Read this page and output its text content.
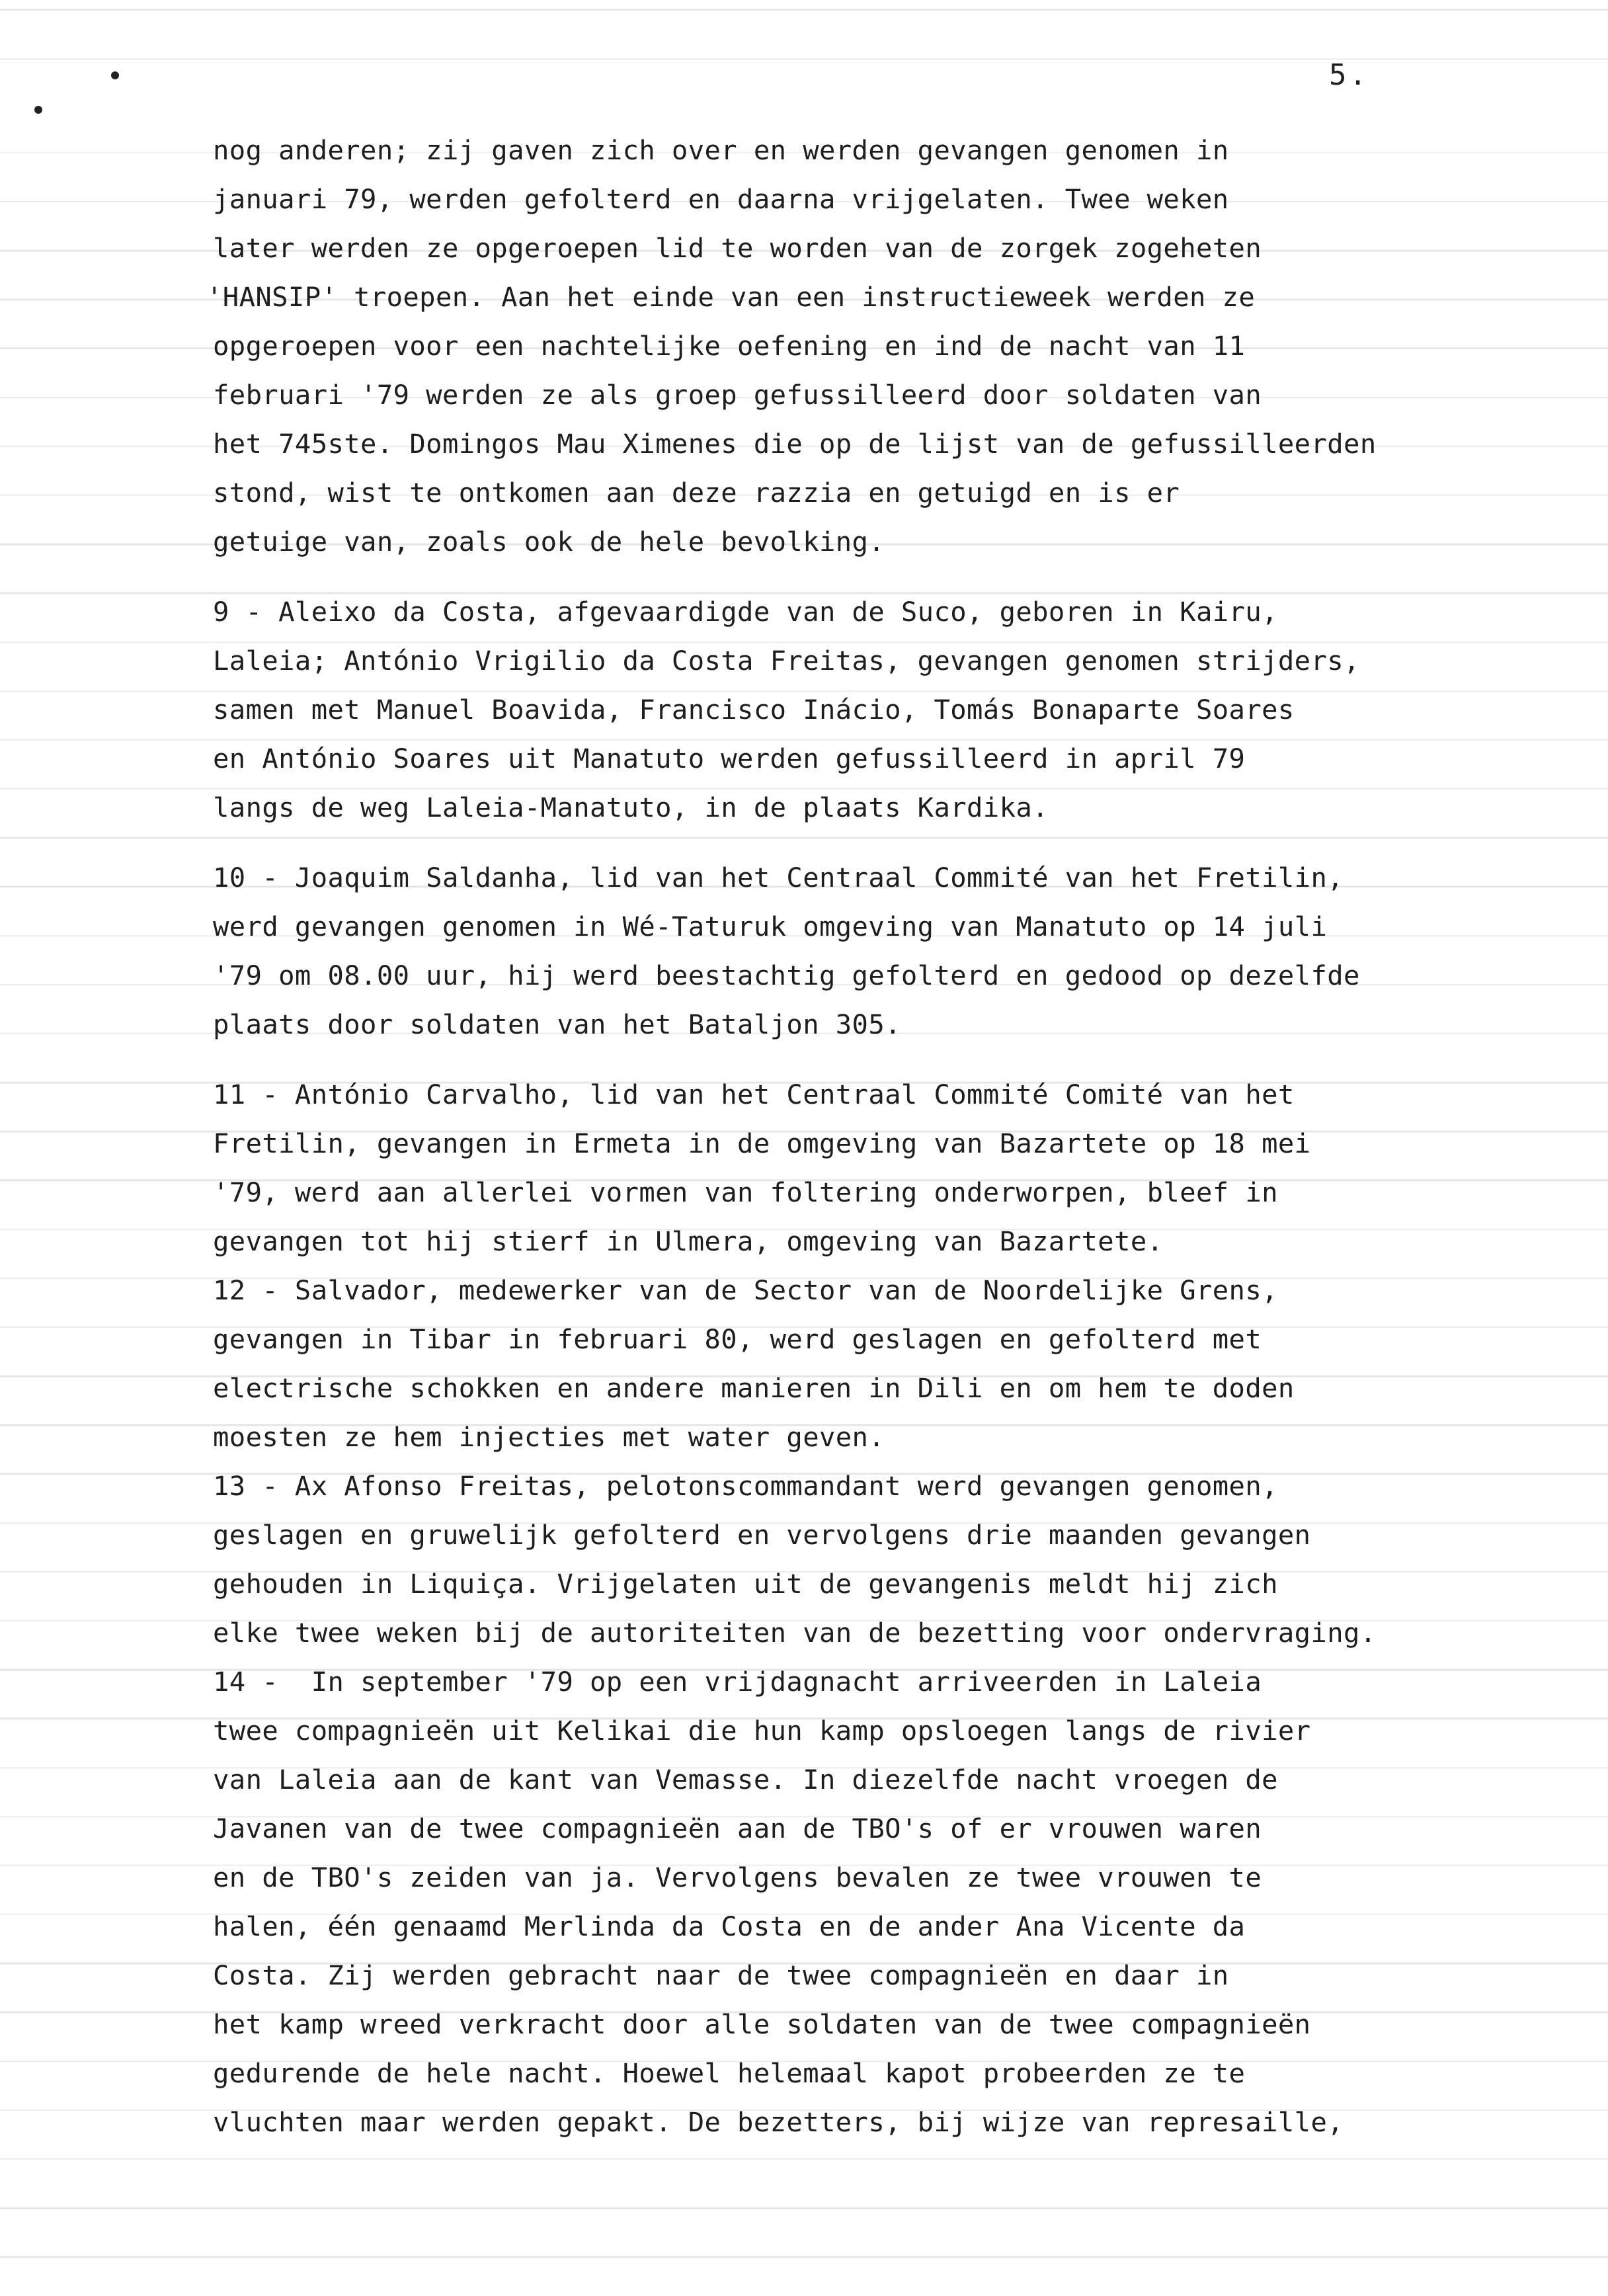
5.
nog anderen; zij gaven zich over en werden gevangen genomen in
januari 79, werden gefolterd en daarna vrijgelaten. Twee weken
later werden ze opgeroepen lid te worden van de zorgek zogeheten
'HANSIP' troepen. Aan het einde van een instructieweek werden ze
opgeroepen voor een nachtelijke oefening en ind de nacht van 11
februari '79 werden ze als groep gefussilleerd door soldaten van
het 745ste. Domingos Mau Ximenes die op de lijst van de gefussilleerden
stond, wist te ontkomen aan deze razzia en getuigd en is er
getuige van, zoals ook de hele bevolking.
9 - Aleixo da Costa, afgevaardigde van de Suco, geboren in Kairu,
Laleia; António Vrigilio da Costa Freitas, gevangen genomen strijders,
samen met Manuel Boavida, Francisco Inácio, Tomás Bonaparte Soares
en António Soares uit Manatuto werden gefussilleerd in april 79
langs de weg Laleia-Manatuto, in de plaats Kardika.
10 - Joaquim Saldanha, lid van het Centraal Commité van het Fretilin,
werd gevangen genomen in Wé-Taturuk omgeving van Manatuto op 14 juli
'79 om 08.00 uur, hij werd beestachtig gefolterd en gedood op dezelfde
plaats door soldaten van het Bataljon 305.
11 - António Carvalho, lid van het Centraal Commité Comité van het
Fretilin, gevangen in Ermeta in de omgeving van Bazartete op 18 mei
'79, werd aan allerlei vormen van foltering onderworpen, bleef in
gevangen tot hij stierf in Ulmera, omgeving van Bazartete.
12 - Salvador, medewerker van de Sector van de Noordelijke Grens,
gevangen in Tibar in februari 80, werd geslagen en gefolterd met
electrische schokken en andere manieren in Dili en om hem te doden
moesten ze hem injecties met water geven.
13 - Ax Afonso Freitas, pelotonscommandant werd gevangen genomen,
geslagen en gruwelijk gefolterd en vervolgens drie maanden gevangen
gehouden in Liquiça. Vrijgelaten uit de gevangenis meldt hij zich
elke twee weken bij de autoriteiten van de bezetting voor ondervraging.
14 -  In september '79 op een vrijdagnacht arriveerden in Laleia
twee compagnieën uit Kelikai die hun kamp opsloegen langs de rivier
van Laleia aan de kant van Vemasse. In diezelfde nacht vroegen de
Javanen van de twee compagnieën aan de TBO's of er vrouwen waren
en de TBO's zeiden van ja. Vervolgens bevalen ze twee vrouwen te
halen, één genaamd Merlinda da Costa en de ander Ana Vicente da
Costa. Zij werden gebracht naar de twee compagnieën en daar in
het kamp wreed verkracht door alle soldaten van de twee compagnieën
gedurende de hele nacht. Hoewel helemaal kapot probeerden ze te
vluchten maar werden gepakt. De bezetters, bij wijze van represaille,
